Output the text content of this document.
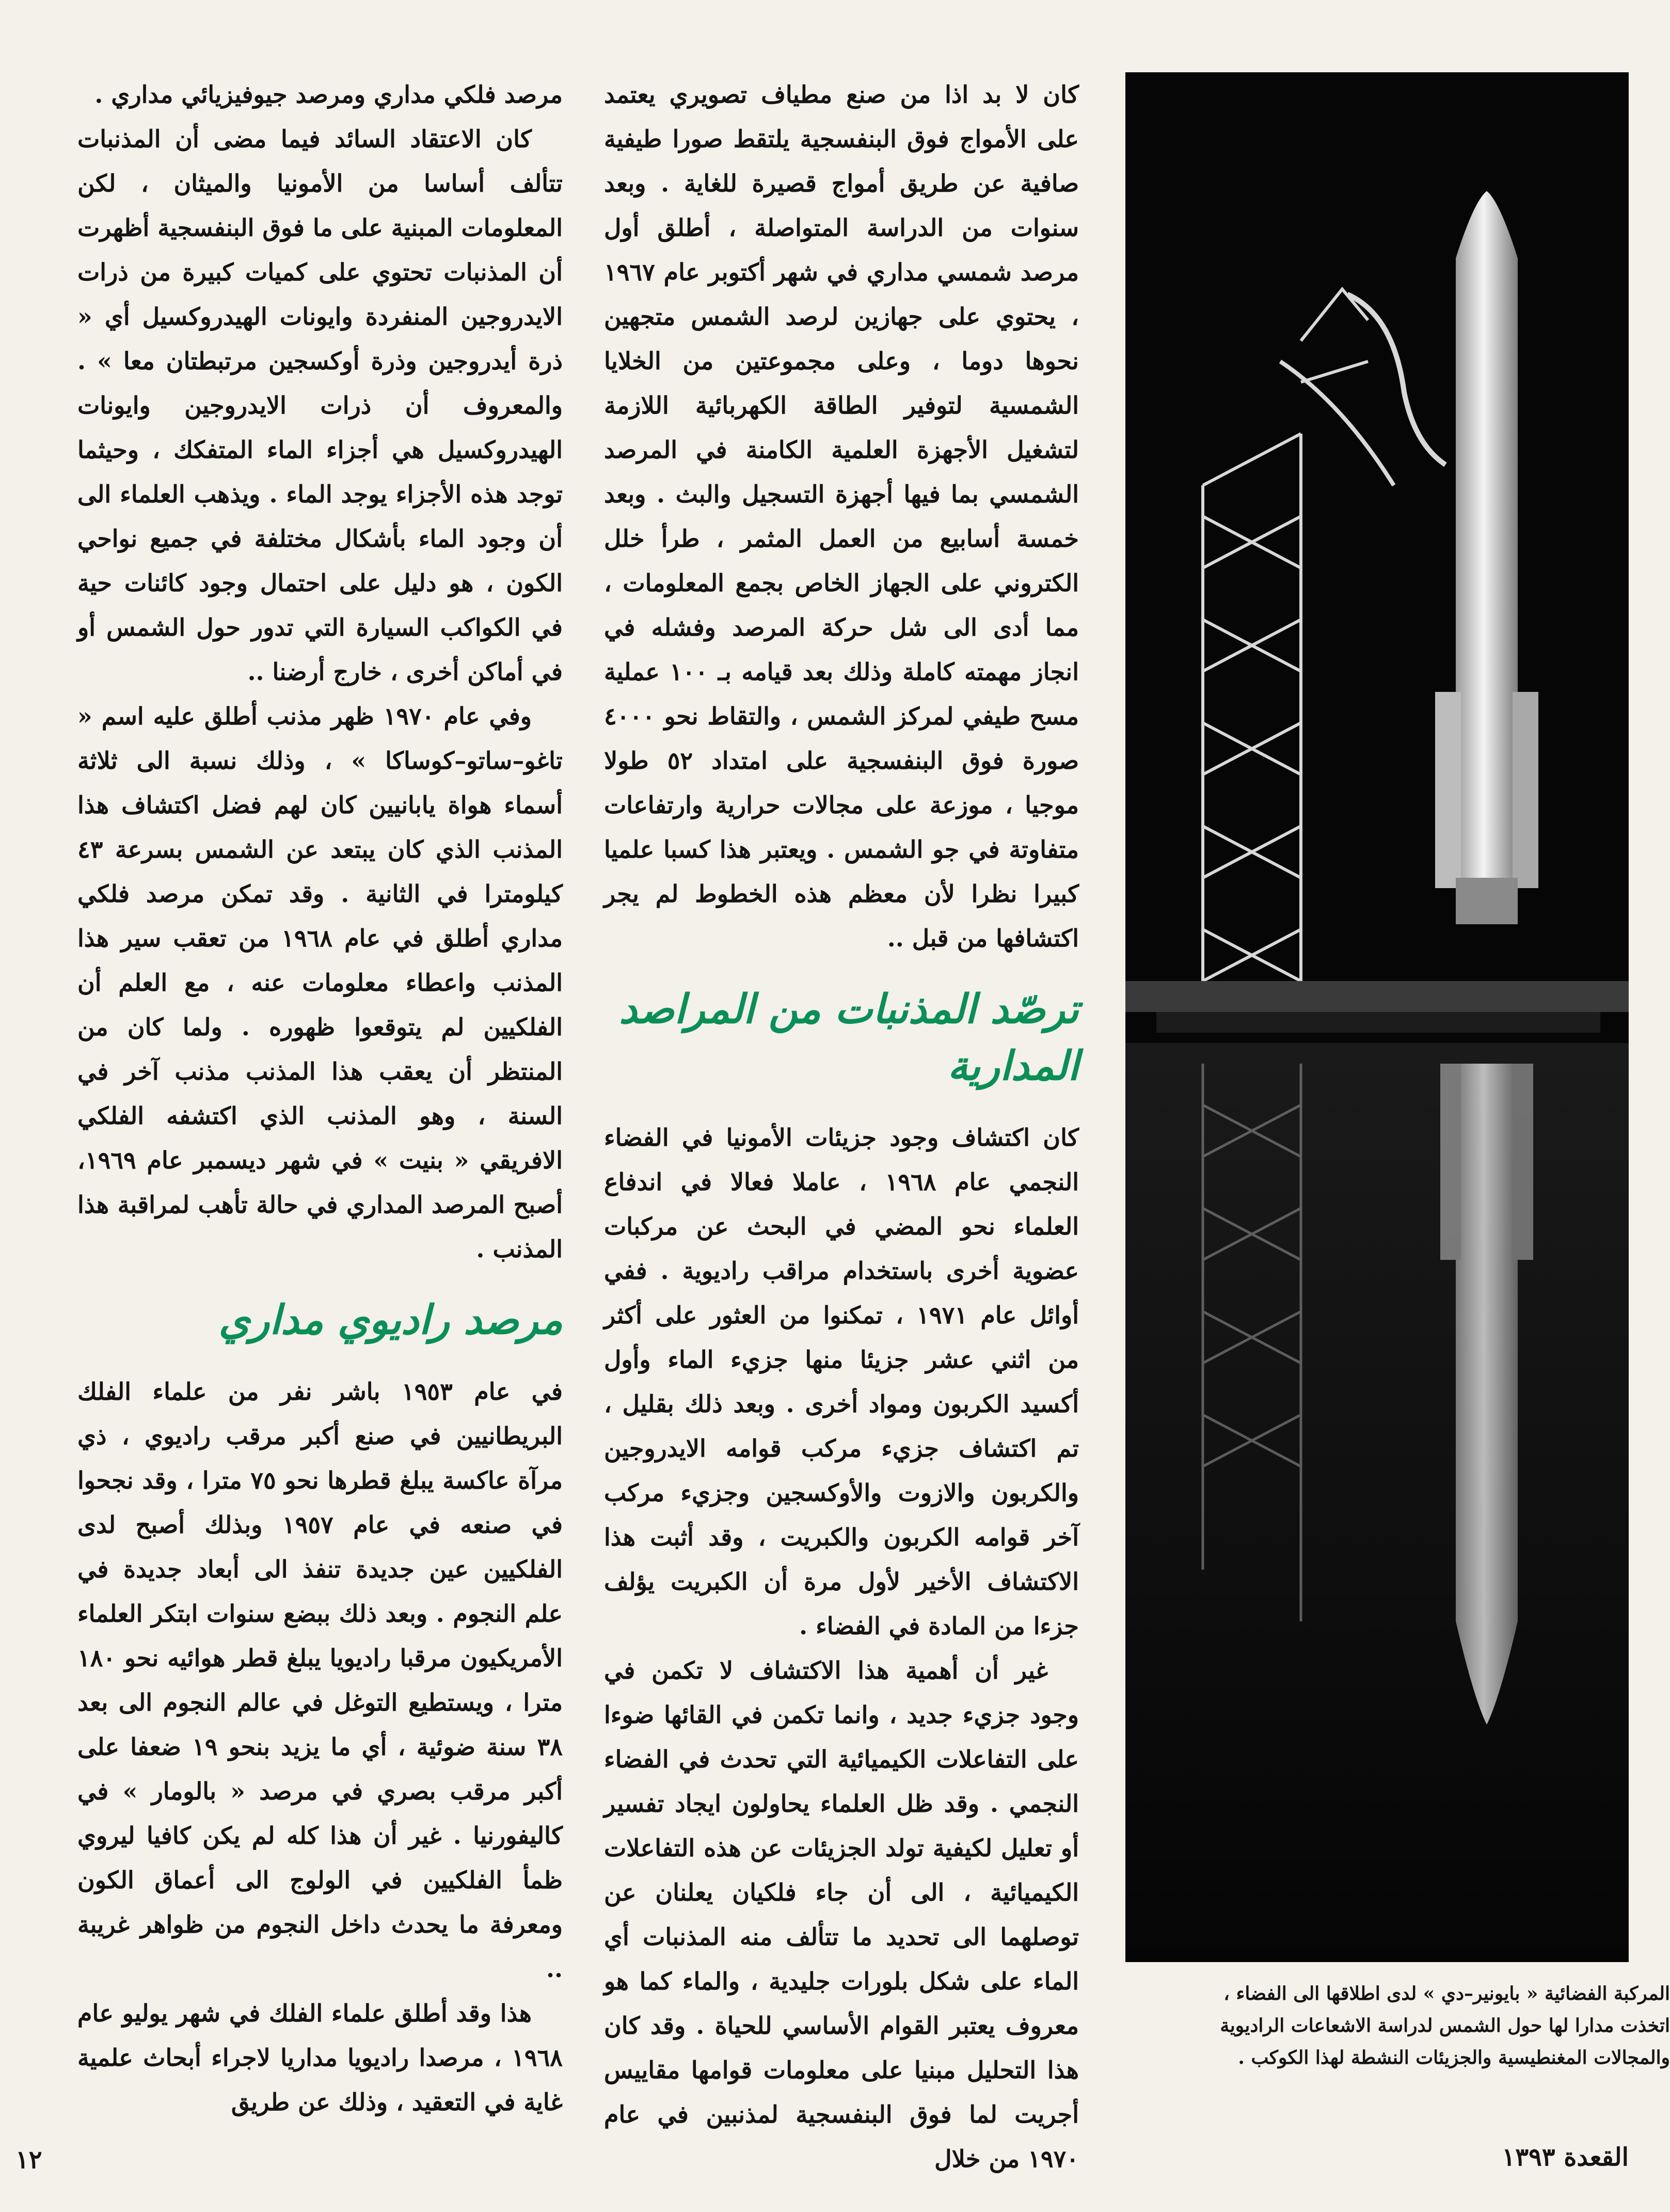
مرصد فلكي مداري ومرصد جيوفيزيائي مداري .

كان الاعتقاد السائد فيما مضى أن المذنبات تتألف أساسا من الأمونيا والميثان ، لكن المعلومات المبنية على ما فوق البنفسجية أظهرت أن المذنبات تحتوي على كميات كبيرة من ذرات الايدروجين المنفردة وايونات الهيدروكسيل أي « ذرة أيدروجين وذرة أوكسجين مرتبطتان معا » . والمعروف أن ذرات الايدروجين وايونات الهيدروكسيل هي أجزاء الماء المتفكك ، وحيثما توجد هذه الأجزاء يوجد الماء . ويذهب العلماء الى أن وجود الماء بأشكال مختلفة في جميع نواحي الكون ، هو دليل على احتمال وجود كائنات حية في الكواكب السيارة التي تدور حول الشمس أو في أماكن أخرى ، خارج أرضنا ..

وفي عام ١٩٧٠ ظهر مذنب أطلق عليه اسم « تاغو–ساتو–كوساكا » ، وذلك نسبة الى ثلاثة أسماء هواة يابانيين كان لهم فضل اكتشاف هذا المذنب الذي كان يبتعد عن الشمس بسرعة ٤٣ كيلومترا في الثانية . وقد تمكن مرصد فلكي مداري أطلق في عام ١٩٦٨ من تعقب سير هذا المذنب واعطاء معلومات عنه ، مع العلم أن الفلكيين لم يتوقعوا ظهوره . ولما كان من المنتظر أن يعقب هذا المذنب مذنب آخر في السنة ، وهو المذنب الذي اكتشفه الفلكي الافريقي « بنيت » في شهر ديسمبر عام ١٩٦٩، أصبح المرصد المداري في حالة تأهب لمراقبة هذا المذنب .

مرصد راديوي مداري

في عام ١٩٥٣ باشر نفر من علماء الفلك البريطانيين في صنع أكبر مرقب راديوي ، ذي مرآة عاكسة يبلغ قطرها نحو ٧٥ مترا ، وقد نجحوا في صنعه في عام ١٩٥٧ وبذلك أصبح لدى الفلكيين عين جديدة تنفذ الى أبعاد جديدة في علم النجوم . وبعد ذلك ببضع سنوات ابتكر العلماء الأمريكيون مرقبا راديويا يبلغ قطر هوائيه نحو ١٨٠ مترا ، ويستطيع التوغل في عالم النجوم الى بعد ٣٨ سنة ضوئية ، أي ما يزيد بنحو ١٩ ضعفا على أكبر مرقب بصري في مرصد « بالومار » في كاليفورنيا . غير أن هذا كله لم يكن كافيا ليروي ظمأ الفلكيين في الولوج الى أعماق الكون ومعرفة ما يحدث داخل النجوم من ظواهر غريبة ..

هذا وقد أطلق علماء الفلك في شهر يوليو عام ١٩٦٨ ، مرصدا راديويا مداريا لاجراء أبحاث علمية غاية في التعقيد ، وذلك عن طريق

كان لا بد اذا من صنع مطياف تصويري يعتمد على الأمواج فوق البنفسجية يلتقط صورا طيفية صافية عن طريق أمواج قصيرة للغاية . وبعد سنوات من الدراسة المتواصلة ، أطلق أول مرصد شمسي مداري في شهر أكتوبر عام ١٩٦٧ ، يحتوي على جهازين لرصد الشمس متجهين نحوها دوما ، وعلى مجموعتين من الخلايا الشمسية لتوفير الطاقة الكهربائية اللازمة لتشغيل الأجهزة العلمية الكامنة في المرصد الشمسي بما فيها أجهزة التسجيل والبث . وبعد خمسة أسابيع من العمل المثمر ، طرأ خلل الكتروني على الجهاز الخاص بجمع المعلومات ، مما أدى الى شل حركة المرصد وفشله في انجاز مهمته كاملة وذلك بعد قيامه بـ ١٠٠ عملية مسح طيفي لمركز الشمس ، والتقاط نحو ٤٠٠٠ صورة فوق البنفسجية على امتداد ٥٢ طولا موجيا ، موزعة على مجالات حرارية وارتفاعات متفاوتة في جو الشمس . ويعتبر هذا كسبا علميا كبيرا نظرا لأن معظم هذه الخطوط لم يجر اكتشافها من قبل ..

ترصّد المذنبات من المراصد المدارية

كان اكتشاف وجود جزيئات الأمونيا في الفضاء النجمي عام ١٩٦٨ ، عاملا فعالا في اندفاع العلماء نحو المضي في البحث عن مركبات عضوية أخرى باستخدام مراقب راديوية . ففي أوائل عام ١٩٧١ ، تمكنوا من العثور على أكثر من اثني عشر جزيئا منها جزيء الماء وأول أكسيد الكربون ومواد أخرى . وبعد ذلك بقليل ، تم اكتشاف جزيء مركب قوامه الايدروجين والكربون والازوت والأوكسجين وجزيء مركب آخر قوامه الكربون والكبريت ، وقد أثبت هذا الاكتشاف الأخير لأول مرة أن الكبريت يؤلف جزءا من المادة في الفضاء .

غير أن أهمية هذا الاكتشاف لا تكمن في وجود جزيء جديد ، وانما تكمن في القائها ضوءا على التفاعلات الكيميائية التي تحدث في الفضاء النجمي . وقد ظل العلماء يحاولون ايجاد تفسير أو تعليل لكيفية تولد الجزيئات عن هذه التفاعلات الكيميائية ، الى أن جاء فلكيان يعلنان عن توصلهما الى تحديد ما تتألف منه المذنبات أي الماء على شكل بلورات جليدية ، والماء كما هو معروف يعتبر القوام الأساسي للحياة . وقد كان هذا التحليل مبنيا على معلومات قوامها مقاييس أجريت لما فوق البنفسجية لمذنبين في عام ١٩٧٠ من خلال

المركبة الفضائية « بايونير–دي » لدى اطلاقها الى الفضاء ،
اتخذت مدارا لها حول الشمس لدراسة الاشعاعات الراديوية
والمجالات المغنطيسية والجزيئات النشطة لهذا الكوكب .
١٢	القعدة ١٣٩٣
